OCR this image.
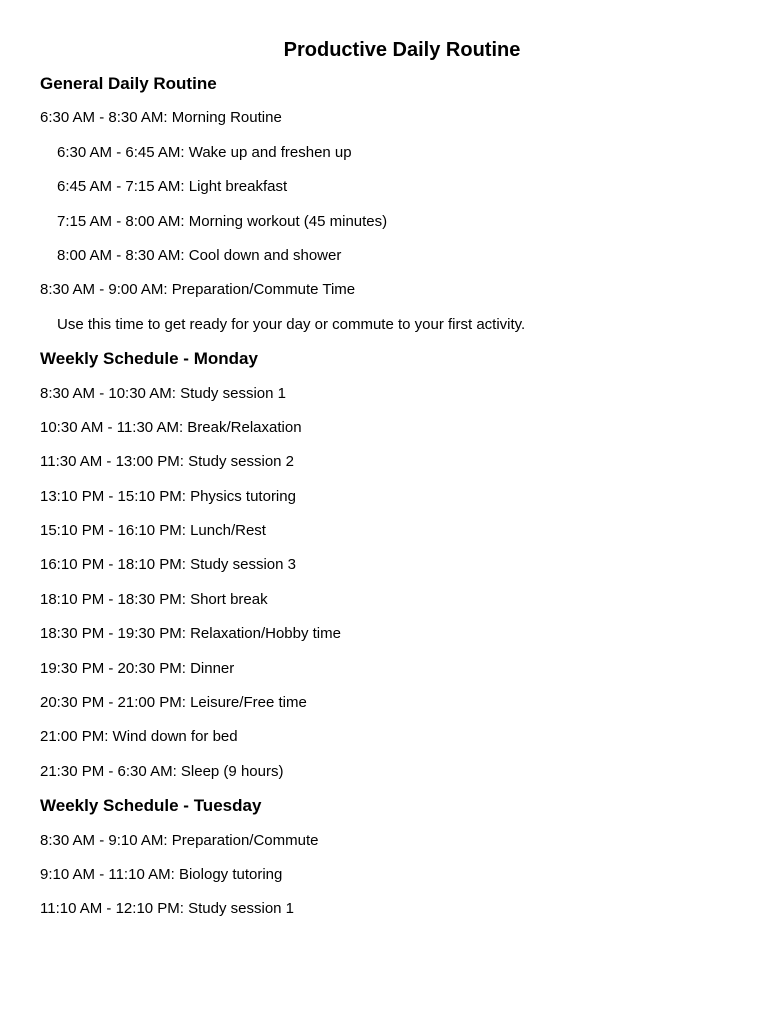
Productive Daily Routine
General Daily Routine

6:30 AM - 8:30 AM: Morning Routine

6:30 AM - 6:45 AM: Wake up and freshen up

6:45 AM - 7:15 AM: Light breakfast

7:15 AM - 8:00 AM: Morning workout (45 minutes)

8:00 AM - 8:30 AM: Cool down and shower

8:30 AM - 9:00 AM: Preparation/Commute Time

Use this time to get ready for your day or commute to your first activity.

Weekly Schedule - Monday

8:30 AM - 10:30 AM: Study session 1

10:30 AM - 11:30 AM: Break/Relaxation

11:30 AM - 13:00 PM: Study session 2

13:10 PM - 15:10 PM: Physics tutoring

15:10 PM - 16:10 PM: Lunch/Rest

16:10 PM - 18:10 PM: Study session 3

18:10 PM - 18:30 PM: Short break

18:30 PM - 19:30 PM: Relaxation/Hobby time

19:30 PM - 20:30 PM: Dinner

20:30 PM - 21:00 PM: Leisure/Free time

21:00 PM: Wind down for bed

21:30 PM - 6:30 AM: Sleep (9 hours)

Weekly Schedule - Tuesday

8:30 AM - 9:10 AM: Preparation/Commute

9:10 AM - 11:10 AM: Biology tutoring

11:10 AM - 12:10 PM: Study session 1
